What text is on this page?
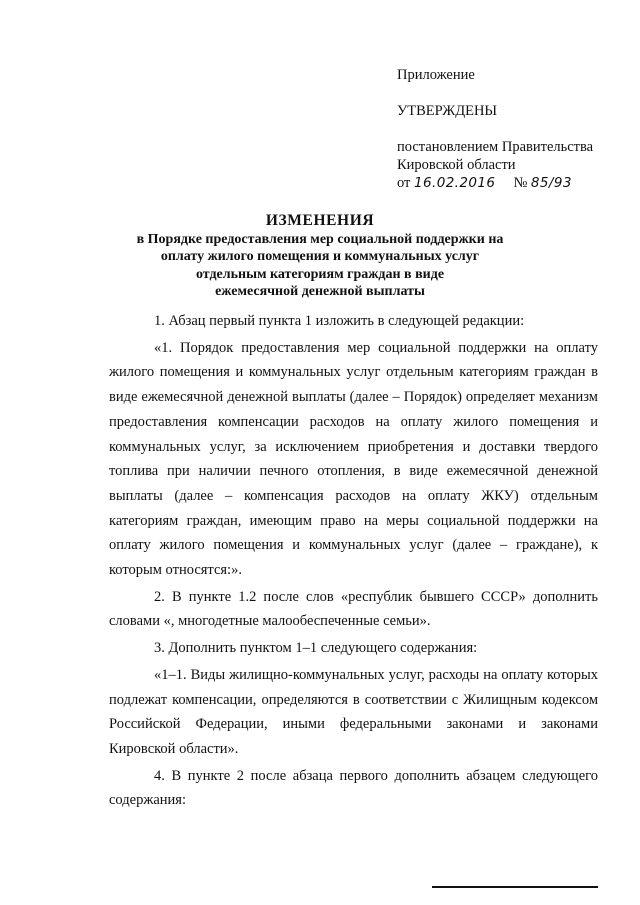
Приложение
УТВЕРЖДЕНЫ
постановлением Правительства
Кировской области
от 16.02.2016 № 85/93
ИЗМЕНЕНИЯ
в Порядке предоставления мер социальной поддержки на
оплату жилого помещения и коммунальных услуг
отдельным категориям граждан в виде
ежемесячной денежной выплаты

1. Абзац первый пункта 1 изложить в следующей редакции:

«1. Порядок предоставления мер социальной поддержки на оплату жилого помещения и коммунальных услуг отдельным категориям граждан в виде ежемесячной денежной выплаты (далее – Порядок) определяет механизм предоставления компенсации расходов на оплату жилого помещения и коммунальных услуг, за исключением приобретения и доставки твердого топлива при наличии печного отопления, в виде ежемесячной денежной выплаты (далее – компенсация расходов на оплату ЖКУ) отдельным категориям граждан, имеющим право на меры социальной поддержки на оплату жилого помещения и коммунальных услуг (далее – граждане), к которым относятся:».

2. В пункте 1.2 после слов «республик бывшего СССР» дополнить словами «, многодетные малообеспеченные семьи».

3. Дополнить пунктом 1–1 следующего содержания:

«1–1. Виды жилищно-коммунальных услуг, расходы на оплату которых подлежат компенсации, определяются в соответствии с Жилищным кодексом Российской Федерации, иными федеральными законами и законами Кировской области».

4. В пункте 2 после абзаца первого дополнить абзацем следующего содержания:
